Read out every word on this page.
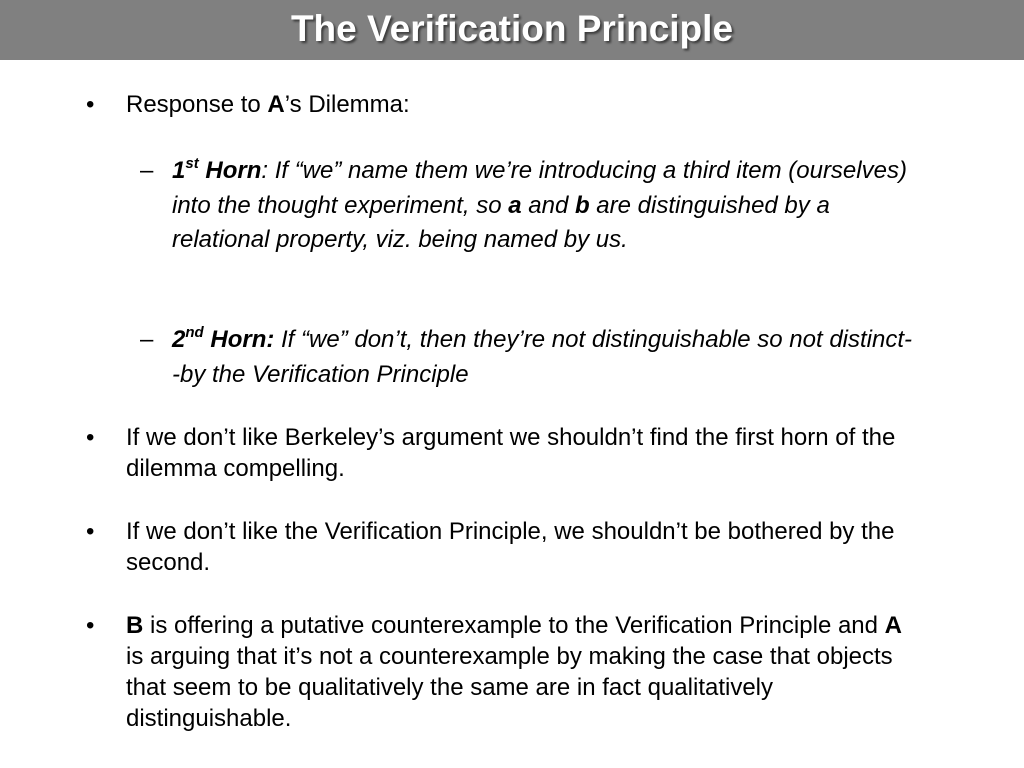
The Verification Principle
• Response to A’s Dilemma:
– 1st Horn: If “we” name them we’re introducing a third item (ourselves) into the thought experiment, so a and b are distinguished by a relational property, viz. being named by us.
– 2nd Horn: If “we” don’t, then they’re not distinguishable so not distinct--by the Verification Principle
• If we don’t like Berkeley’s argument we shouldn’t find the first horn of the dilemma compelling.
• If we don’t like the Verification Principle, we shouldn’t be bothered by the second.
• B is offering a putative counterexample to the Verification Principle and A is arguing that it’s not a counterexample by making the case that objects that seem to be qualitatively the same are in fact qualitatively distinguishable.
